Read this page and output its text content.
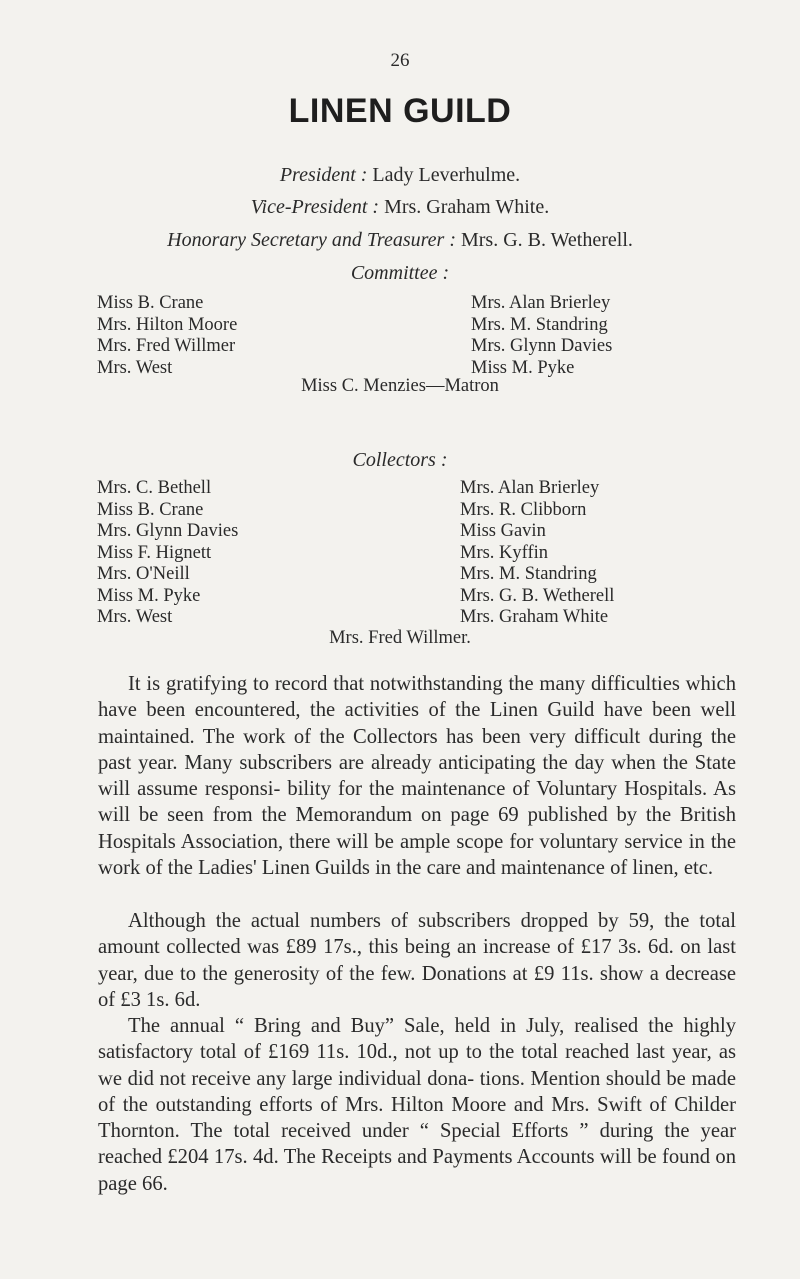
26
LINEN GUILD
President : Lady Leverhulme.
Vice-President : Mrs. Graham White.
Honorary Secretary and Treasurer : Mrs. G. B. Wetherell.
Committee :
Miss B. Crane
Mrs. Hilton Moore
Mrs. Fred Willmer
Mrs. West
Mrs. Alan Brierley
Mrs. M. Standring
Mrs. Glynn Davies
Miss M. Pyke
Miss C. Menzies—Matron
Collectors :
Mrs. C. Bethell
Miss B. Crane
Mrs. Glynn Davies
Miss F. Hignett
Mrs. O'Neill
Miss M. Pyke
Mrs. West
Mrs. Alan Brierley
Mrs. R. Clibborn
Miss Gavin
Mrs. Kyffin
Mrs. M. Standring
Mrs. G. B. Wetherell
Mrs. Graham White
Mrs. Fred Willmer.

It is gratifying to record that notwithstanding the many difficulties which have been encountered, the activities of the Linen Guild have been well maintained. The work of the Collectors has been very difficult during the past year. Many subscribers are already anticipating the day when the State will assume responsi- bility for the maintenance of Voluntary Hospitals. As will be seen from the Memorandum on page 69 published by the British Hospitals Association, there will be ample scope for voluntary service in the work of the Ladies' Linen Guilds in the care and maintenance of linen, etc.

Although the actual numbers of subscribers dropped by 59, the total amount collected was £89 17s., this being an increase of £17 3s. 6d. on last year, due to the generosity of the few. Donations at £9 11s. show a decrease of £3 1s. 6d.

The annual “ Bring and Buy” Sale, held in July, realised the highly satisfactory total of £169 11s. 10d., not up to the total reached last year, as we did not receive any large individual dona- tions. Mention should be made of the outstanding efforts of Mrs. Hilton Moore and Mrs. Swift of Childer Thornton. The total received under “ Special Efforts ” during the year reached £204 17s. 4d. The Receipts and Payments Accounts will be found on page 66.
